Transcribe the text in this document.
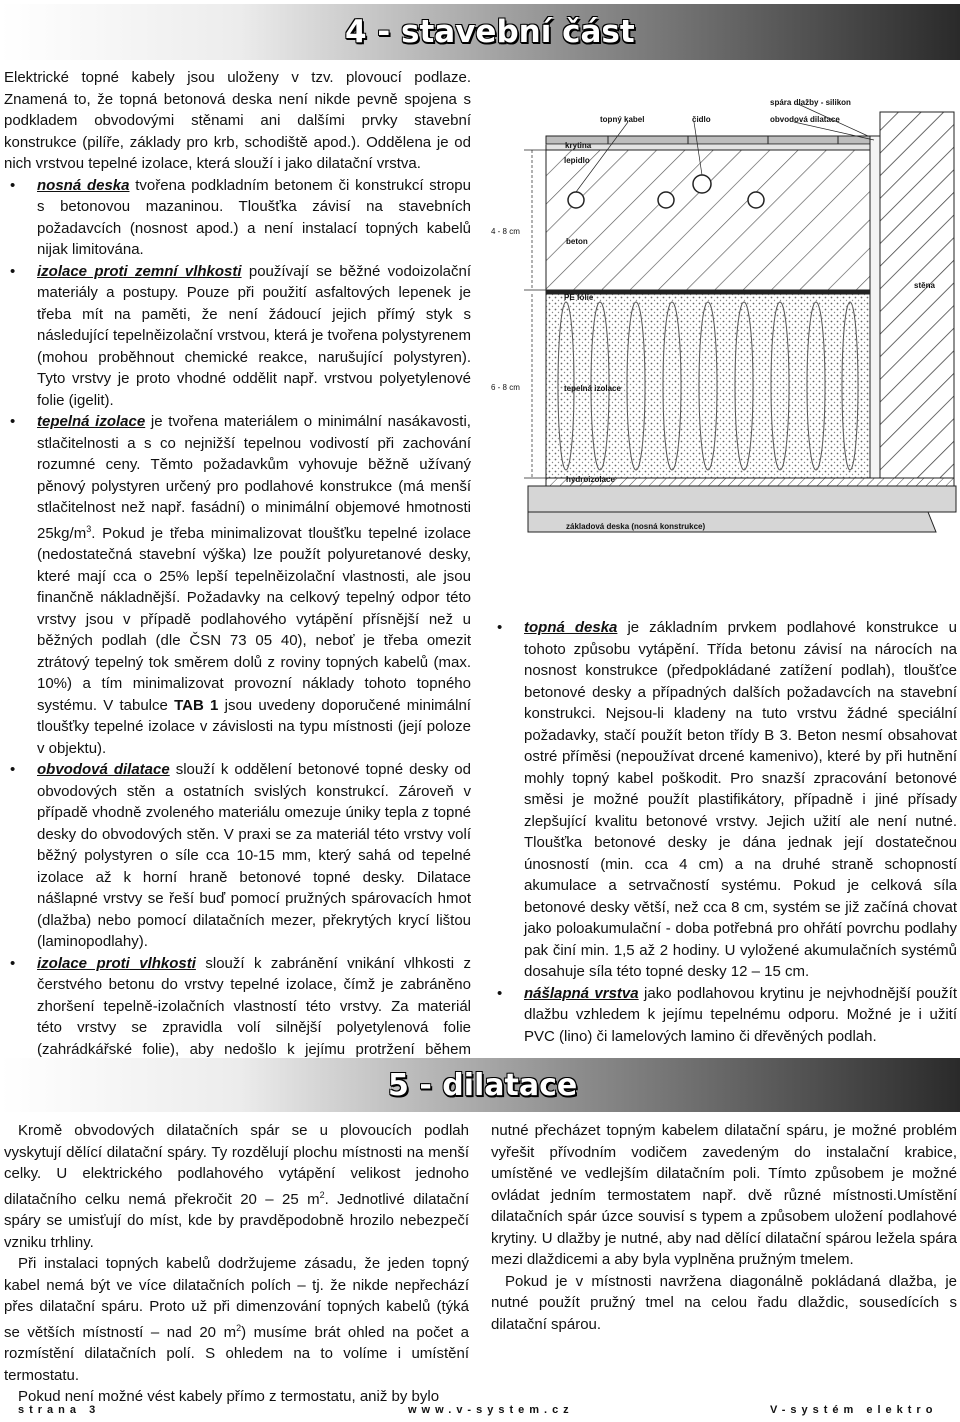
4 - stavební část

Elektrické topné kabely jsou uloženy v tzv. plovoucí podlaze. Znamená to, že topná betonová deska není nikde pevně spojena s podkladem obvodovými stěnami ani dalšími prvky stavební konstrukce (pilíře, základy pro krb, schodiště apod.). Oddělena je od nich vrstvou tepelné izolace, která slouží i jako dilatační vrstva.

• nosná deska tvořena podkladním betonem či konstrukcí stropu s betonovou mazaninou. Tloušťka závisí na stavebních požadavcích (nosnost apod.) a není instalací topných kabelů nijak limitována.
• izolace proti zemní vlhkosti používají se běžné vodoizolační materiály a postupy. Pouze při použití asfaltových lepenek je třeba mít na paměti, že není žádoucí jejich přímý styk s následující tepelněizolační vrstvou, která je tvořena polystyrenem (mohou proběhnout chemické reakce, narušující polystyren). Tyto vrstvy je proto vhodné oddělit např. vrstvou polyetylenové folie (igelit).
• tepelná izolace je tvořena materiálem o minimální nasákavosti, stlačitelnosti a s co nejnižší tepelnou vodivostí při zachování rozumné ceny. Těmto požadavkům vyhovuje běžně užívaný pěnový polystyren určený pro podlahové konstrukce (má menší stlačitelnost než např. fasádní) o minimální objemové hmotnosti $25kg/m^3$. Pokud je třeba minimalizovat tloušťku tepelné izolace (nedostatečná stavební výška) lze použít polyuretanové desky, které mají cca o 25% lepší tepelněizolační vlastnosti, ale jsou finančně nákladnější. Požadavky na celkový tepelný odpor této vrstvy jsou v případě podlahového vytápění přísnější než u běžných podlah (dle ČSN 73 05 40), neboť je třeba omezit ztrátový tepelný tok směrem dolů z roviny topných kabelů (max. 10%) a tím minimalizovat provozní náklady tohoto topného systému. V tabulce TAB 1 jsou uvedeny doporučené minimální tloušťky tepelné izolace v závislosti na typu místnosti (její poloze v objektu).
• obvodová dilatace slouží k oddělení betonové topné desky od obvodových stěn a ostatních svislých konstrukcí. Zároveň v případě vhodně zvoleného materiálu omezuje úniky tepla z topné desky do obvodových stěn. V praxi se za materiál této vrstvy volí běžný polystyren o síle cca 10-15 mm, který sahá od tepelné izolace až k horní hraně betonové topné desky. Dilatace nášlapné vrstvy se řeší buď pomocí pružných spárovacích hmot (dlažba) nebo pomocí dilatačních mezer, překrytých krycí lištou (laminopodlahy).
• izolace proti vlhkosti slouží k zabránění vnikání vlhkosti z čerstvého betonu do vrstvy tepelné izolace, čímž je zabráněno zhoršení tepelně-izolačních vlastností této vrstvy. Za materiál této vrstvy se zpravidla volí silnější polyetylenová folie (zahrádkářské folie), aby nedošlo k jejímu protržení během
spára dlažby - silikon
topný kabel	čidlo	obvodová dilatace
krytina
lepidlo
4 - 8 cm
beton
stěna
PE fólie
6 - 8 cm	tepelná izolace
hydroizolace
základová deska (nosná konstrukce)
• topná deska je základním prvkem podlahové konstrukce u tohoto způsobu vytápění. Třída betonu závisí na nárocích na nosnost konstrukce (předpokládané zatížení podlah), tloušťce betonové desky a případných dalších požadavcích na stavební konstrukci. Nejsou-li kladeny na tuto vrstvu žádné speciální požadavky, stačí použít beton třídy B 3. Beton nesmí obsahovat ostré příměsi (nepoužívat drcené kamenivo), které by při hutnění mohly topný kabel poškodit. Pro snazší zpracování betonové směsi je možné použít plastifikátory, případně i jiné přísady zlepšující kvalitu betonové vrstvy. Jejich užití ale není nutné. Tloušťka betonové desky je dána jednak její dostatečnou únosností (min. cca 4 cm) a na druhé straně schopností akumulace a setrvačností systému. Pokud je celková síla betonové desky větší, než cca 8 cm, systém se již začíná chovat jako poloakumulační - doba potřebná pro ohřátí povrchu podlahy pak činí min. 1,5 až 2 hodiny. U vyložené akumulačních systémů dosahuje síla této topné desky 12 – 15 cm.
• nášlapná vrstva jako podlahovou krytinu je nejvhodnější použít dlažbu vzhledem k jejímu tepelnému odporu. Možné je i užití PVC (lino) či lamelových lamino či dřevěných podlah.
5 - dilatace

Kromě obvodových dilatačních spár se u plovoucích podlah vyskytují dělící dilatační spáry. Ty rozdělují plochu místnosti na menší celky. U elektrického podlahového vytápění velikost jednoho dilatačního celku nemá překročit 20 – 25 $m^2$. Jednotlivé dilatační spáry se umisťují do míst, kde by pravděpodobně hrozilo nebezpečí vzniku trhliny.

Při instalaci topných kabelů dodržujeme zásadu, že jeden topný kabel nemá být ve více dilatačních polích – tj. že nikde nepřechází přes dilatační spáru. Proto už při dimenzování topných kabelů (týká se větších místností – nad 20 $m^2$) musíme brát ohled na počet a rozmístění dilatačních polí. S ohledem na to volíme i umístění termostatu.

Pokud není možné vést kabely přímo z termostatu, aniž by bylo

nutné přecházet topným kabelem dilatační spáru, je možné problém vyřešit přívodním vodičem zavedeným do instalační krabice, umístěné ve vedlejším dilatačním poli. Tímto způsobem je možné ovládat jedním termostatem např. dvě různé místnosti.Umístění dilatačních spár úzce souvisí s typem a způsobem uložení podlahové krytiny. U dlažby je nutné, aby nad dělící dilatační spárou ležela spára mezi dlaždicemi a aby byla vyplněna pružným tmelem.

Pokud je v místnosti navržena diagonálně pokládaná dlažba, je nutné použít pružný tmel na celou řadu dlaždic, sousedících s dilatační spárou.

strana 3	www.v-system.cz	V-systém elektro
